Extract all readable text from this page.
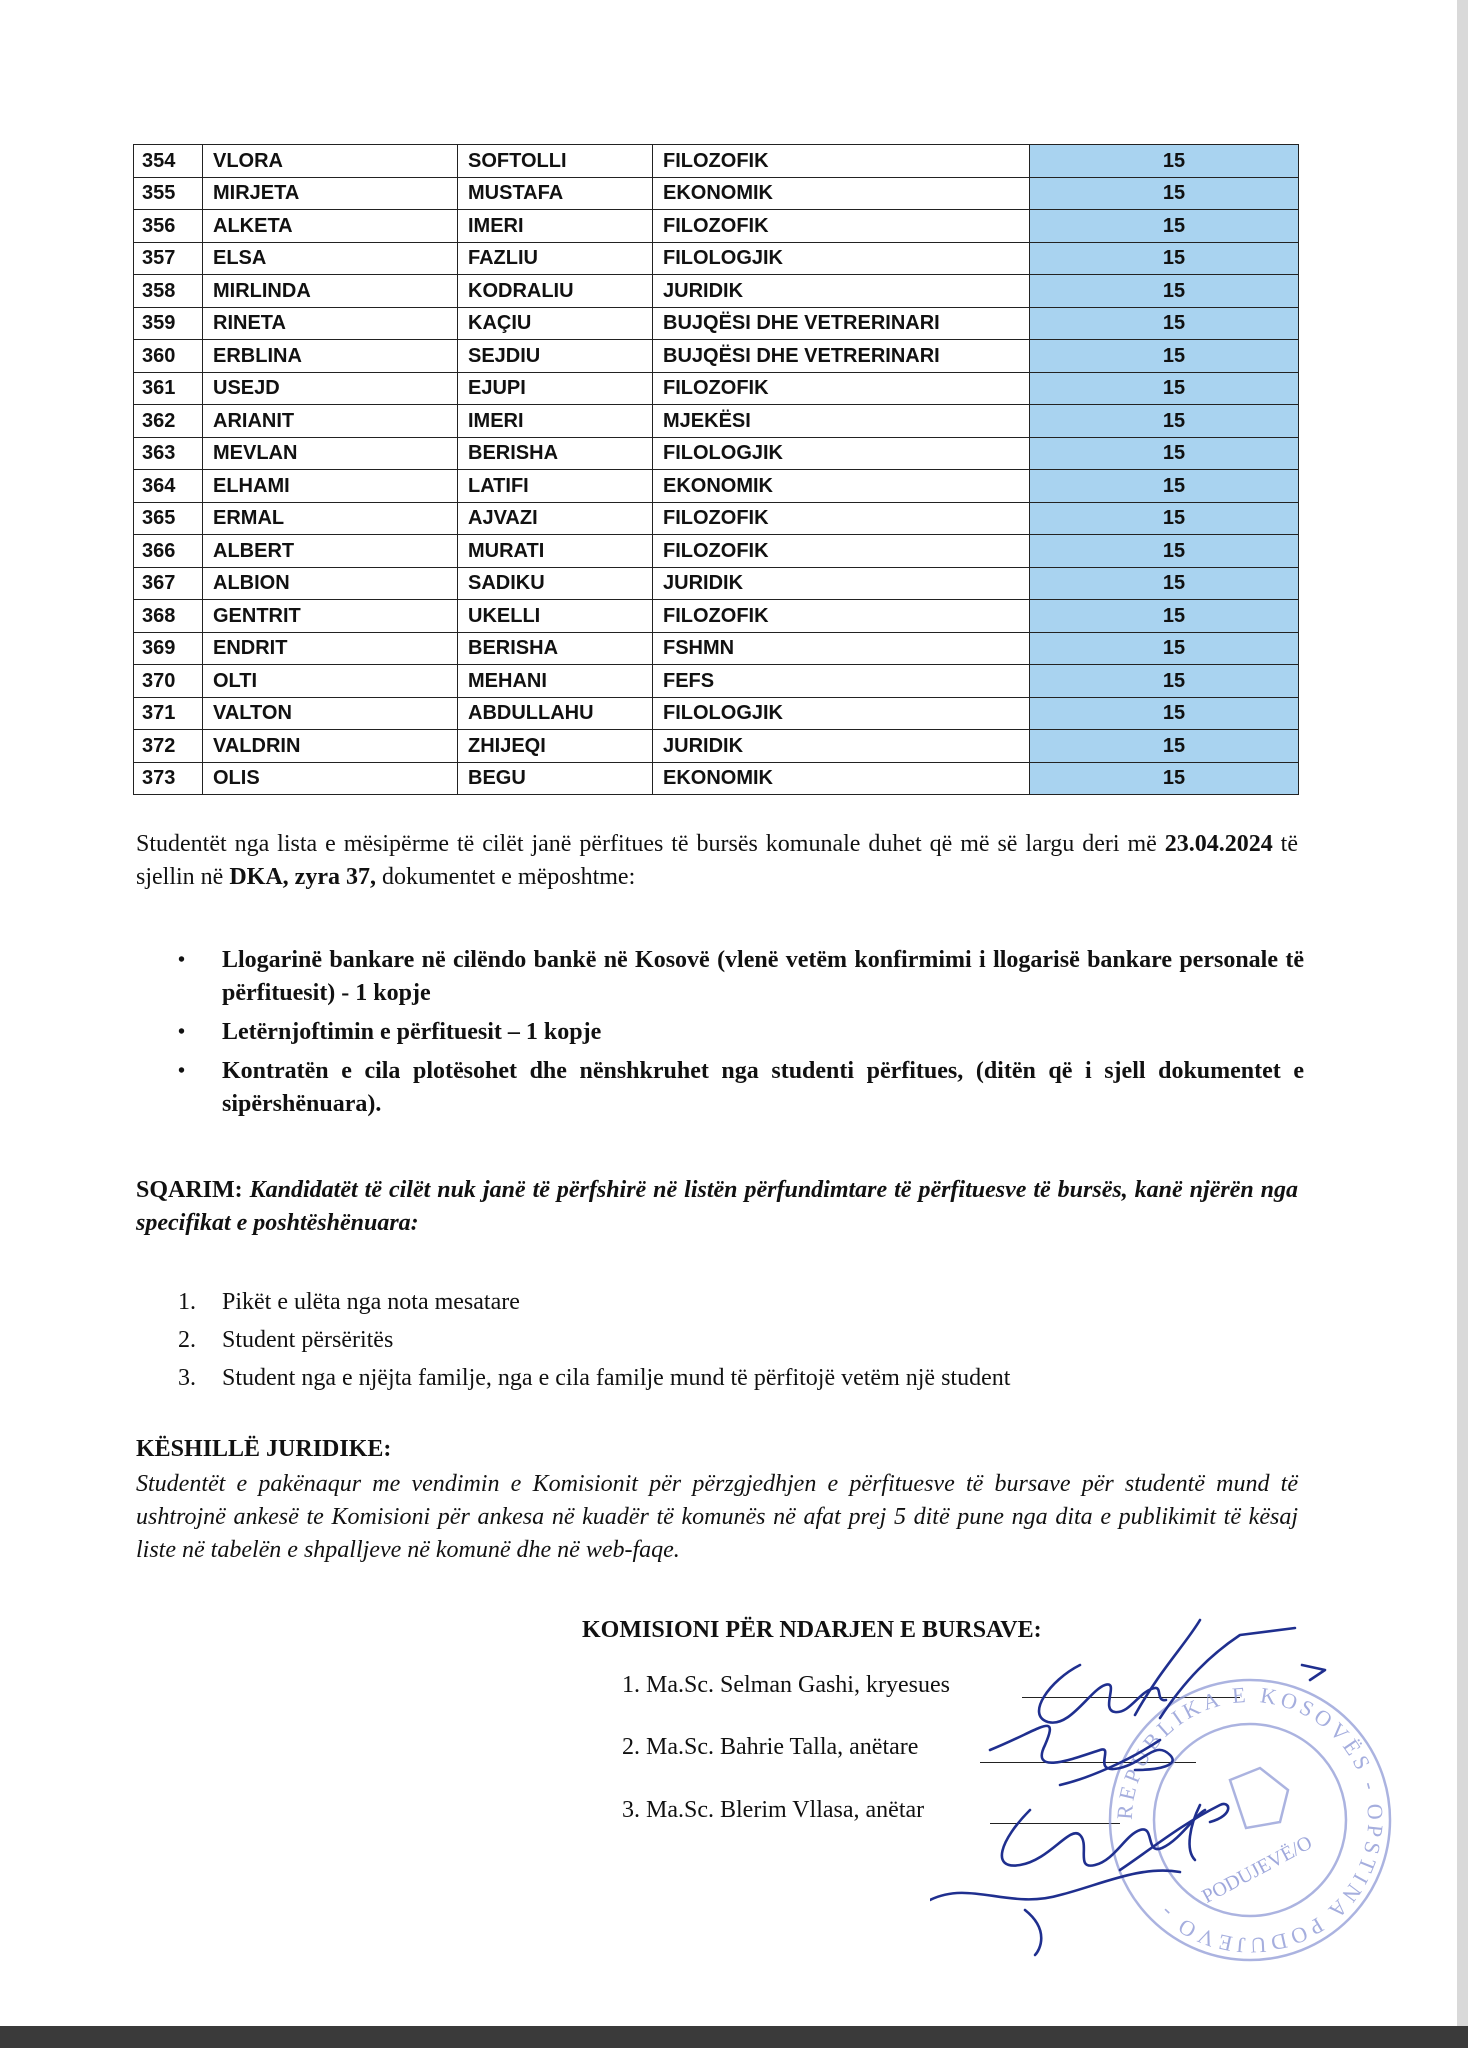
354	VLORA	SOFTOLLI	FILOZOFIK	15
355	MIRJETA	MUSTAFA	EKONOMIK	15
356	ALKETA	IMERI	FILOZOFIK	15
357	ELSA	FAZLIU	FILOLOGJIK	15
358	MIRLINDA	KODRALIU	JURIDIK	15
359	RINETA	KAÇIU	BUJQËSI DHE VETRERINARI	15
360	ERBLINA	SEJDIU	BUJQËSI DHE VETRERINARI	15
361	USEJD	EJUPI	FILOZOFIK	15
362	ARIANIT	IMERI	MJEKËSI	15
363	MEVLAN	BERISHA	FILOLOGJIK	15
364	ELHAMI	LATIFI	EKONOMIK	15
365	ERMAL	AJVAZI	FILOZOFIK	15
366	ALBERT	MURATI	FILOZOFIK	15
367	ALBION	SADIKU	JURIDIK	15
368	GENTRIT	UKELLI	FILOZOFIK	15
369	ENDRIT	BERISHA	FSHMN	15
370	OLTI	MEHANI	FEFS	15
371	VALTON	ABDULLAHU	FILOLOGJIK	15
372	VALDRIN	ZHIJEQI	JURIDIK	15
373	OLIS	BEGU	EKONOMIK	15

Studentët nga lista e mësipërme të cilët janë përfitues të bursës komunale duhet që më së largu deri më 23.04.2024 të sjellin në DKA, zyra 37, dokumentet e mëposhtme:

• Llogarinë bankare në cilëndo bankë në Kosovë (vlenë vetëm konfirmimi i llogarisë bankare personale të përfituesit) - 1 kopje
• Letërnjoftimin e përfituesit – 1 kopje
• Kontratën e cila plotësohet dhe nënshkruhet nga studenti përfitues, (ditën që i sjell dokumentet e sipërshënuara).

SQARIM: Kandidatët të cilët nuk janë të përfshirë në listën përfundimtare të përfituesve të bursës, kanë njërën nga specifikat e poshtëshënuara:

1. Pikët e ulëta nga nota mesatare
2. Student përsëritës
3. Student nga e njëjta familje, nga e cila familje mund të përfitojë vetëm një student
KËSHILLË JURIDIKE:

Studentët e pakënaqur me vendimin e Komisionit për përzgjedhjen e përfituesve të bursave për studentë mund të ushtrojnë ankesë te Komisioni për ankesa në kuadër të komunës në afat prej 5 ditë pune nga dita e publikimit të kësaj liste në tabelën e shpalljeve në komunë dhe në web-faqe.

KOMISIONI PËR NDARJEN E BURSAVE:
1. Ma.Sc. Selman Gashi, kryesues
2. Ma.Sc. Bahrie Talla, anëtare
3. Ma.Sc. Blerim Vllasa, anëtar	REPUBLIKA E KOSOVËS - OPSTINA PODUJEVO -
PODUJEVË/O
